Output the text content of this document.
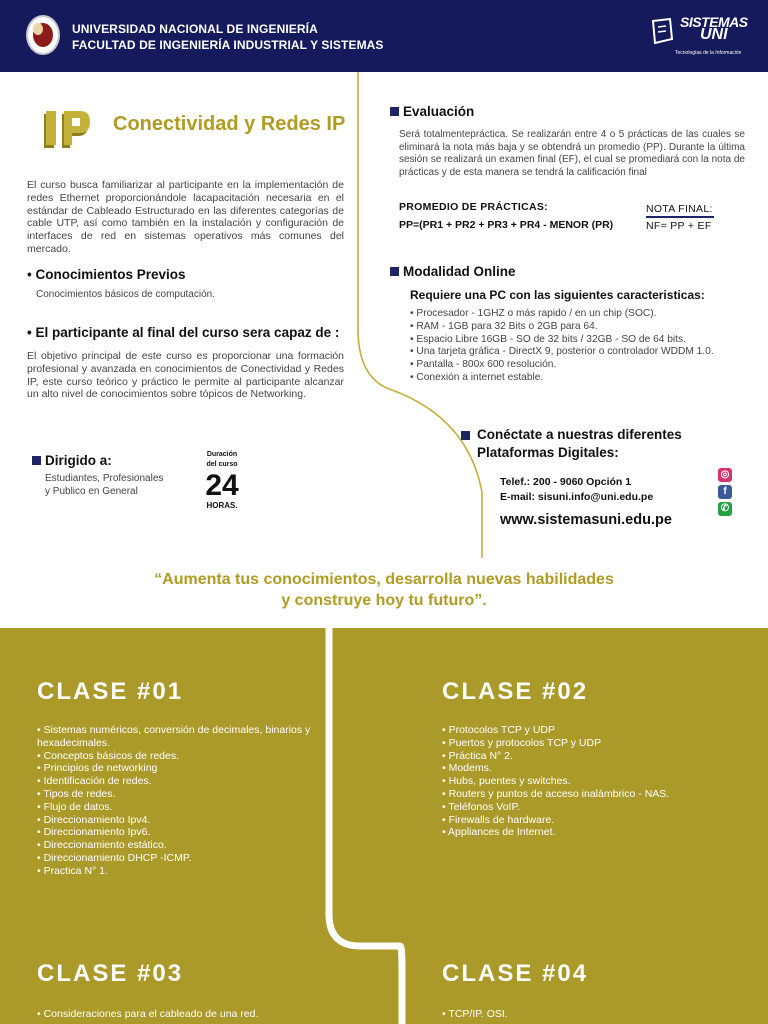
UNIVERSIDAD NACIONAL DE INGENIERÍA
FACULTAD DE INGENIERÍA INDUSTRIAL Y SISTEMAS
SISTEMAS
UNI
Tecnologías de la Información
Conectividad y Redes IP
El curso busca familiarizar al participante en la implementación de redes Ethernet proporcionándole lacapacitación necesaria en el estándar de Cableado Estructurado en las diferentes categorías de cable UTP, así como también en la instalación y configuración de interfaces de red en sistemas operativos más comunes del mercado.
• Conocimientos Previos
Conocimientos básicos de computación.
• El participante al final del curso sera capaz de :
El objetivo principal de este curso es proporcionar una formación profesional y avanzada en conocimientos de Conectividad y Redes IP, este curso teórico y práctico le permite al participante alcanzar un alto nivel de conocimientos sobre tópicos de Networking.
Dirigido a:
Estudiantes, Profesionales
y Publico en General
Duración
del curso
24
HORAS.
Evaluación
Será totalmentepráctica. Se realizarán entre 4 o 5 prácticas de las cuales se eliminará la nota más baja y se obtendrá un promedio (PP). Durante la última sesión se realizará un examen final (EF), el cual se promediará con la nota de prácticas y de esta manera se tendrá la calificación final
PROMEDIO DE PRÁCTICAS:
PP=(PR1 + PR2 + PR3 + PR4 - MENOR (PR)
NOTA FINAL:
NF= PP + EF
Modalidad Online
Requiere una PC con las siguientes caracteristicas:
• Procesador - 1GHZ o más rapido / en un chip (SOC).
• RAM - 1GB para 32 Bits o 2GB para 64.
• Espacio Libre 16GB - SO de 32 bits / 32GB - SO de 64 bits.
• Una tarjeta gráfica - DirectX 9, posterior o controlador WDDM 1.0.
• Pantalla - 800x 600 resolución.
• Conexión a internet estable.
Conéctate a nuestras diferentes
Plataformas Digitales:
Telef.: 200 - 9060 Opción 1
E-mail: sisuni.info@uni.edu.pe
www.sistemasuni.edu.pe
◎
f
✆
“Aumenta tus conocimientos, desarrolla nuevas habilidades
y construye hoy tu futuro”.
CLASE #01
• Sistemas numéricos, conversión de decimales, binarios y hexadecimales.
• Conceptos básicos de redes.
• Principios de networking
• Identificación de redes.
• Tipos de redes.
• Flujo de datos.
• Direccionamiento Ipv4.
• Direccionamiento Ipv6.
• Direccionamiento estático.
• Direccionamiento DHCP -ICMP.
• Practica N° 1.
CLASE #02
• Protocolos TCP y UDP
• Puertos y protocolos TCP y UDP
• Práctica N° 2.
• Modems.
• Hubs, puentes y switches.
• Routers y puntos de acceso inalámbrico - NAS.
• Teléfonos VoIP.
• Firewalls de hardware.
• Appliances de Internet.
CLASE #03
• Consideraciones para el cableado de una red.
CLASE #04
• TCP/IP. OSI.
